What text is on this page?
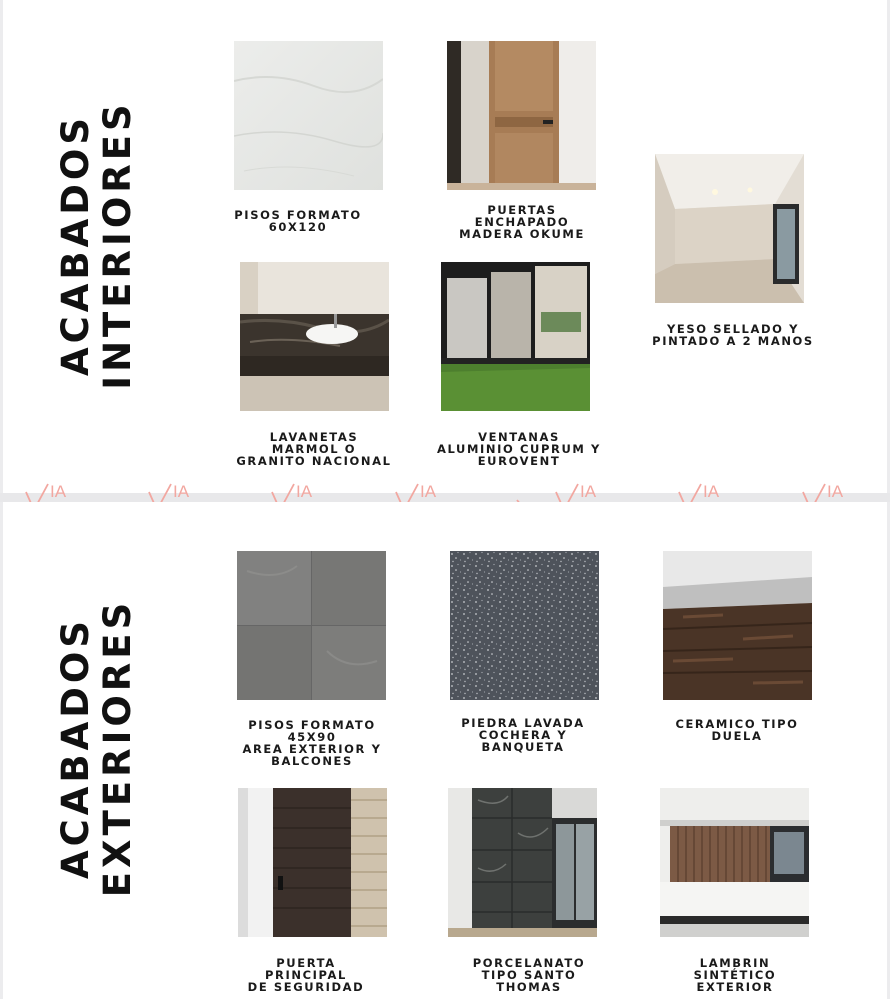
ACABADOS INTERIORES	PISOS FORMATO
60X120
PUERTAS
ENCHAPADO
MADERA OKUME
YESO SELLADO Y
PINTADO A 2 MANOS
LAVANETAS
MARMOL O
GRANITO NACIONAL
VENTANAS
ALUMINIO CUPRUM Y
EUROVENT
IA	IA	IA	IA	IA	IA	IA
ACABADOS EXTERIORES	PISOS FORMATO
45X90
AREA EXTERIOR Y
BALCONES
PIEDRA LAVADA
COCHERA Y
BANQUETA
CERAMICO TIPO
DUELA
PUERTA
PRINCIPAL
DE SEGURIDAD
PORCELANATO
TIPO SANTO
THOMAS
LAMBRIN
SINTÉTICO
EXTERIOR
